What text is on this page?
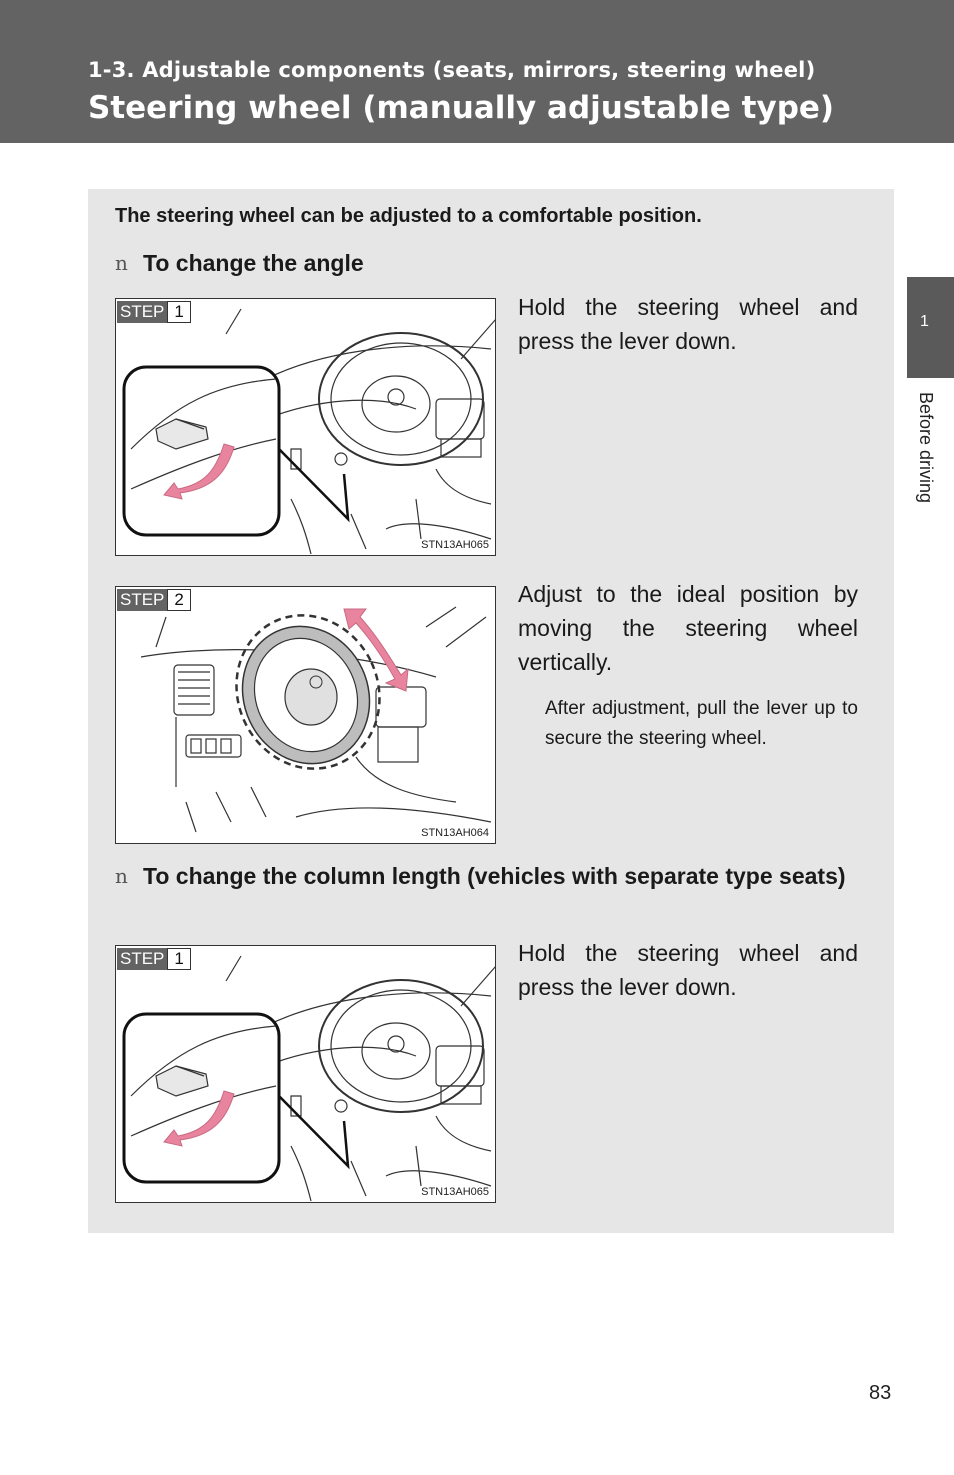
1-3. Adjustable components (seats, mirrors, steering wheel)
Steering wheel (manually adjustable type)
The steering wheel can be adjusted to a comfortable position.
n To change the angle
STEP 1
STN13AH065
Hold the steering wheel and press the lever down.
STEP 2
STN13AH064
Adjust to the ideal position by moving the steering wheel vertically.
After adjustment, pull the lever up to secure the steering wheel.
n To change the column length (vehicles with separate type seats)
STEP 1
STN13AH065
Hold the steering wheel and press the lever down.
1
Before driving
83
